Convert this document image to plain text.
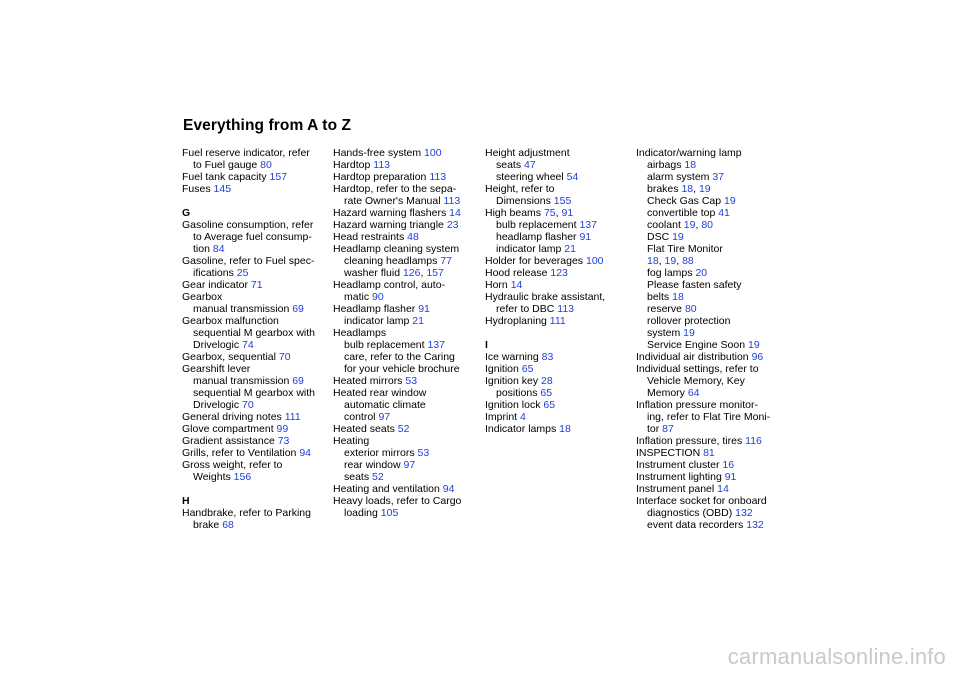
Everything from A to Z
Fuel reserve indicator, refer
to Fuel gauge 80
Fuel tank capacity 157
Fuses 145
G
Gasoline consumption, refer
to Average fuel consump-
tion 84
Gasoline, refer to Fuel spec-
ifications 25
Gear indicator 71
Gearbox
manual transmission 69
Gearbox malfunction
sequential M gearbox with
Drivelogic 74
Gearbox, sequential 70
Gearshift lever
manual transmission 69
sequential M gearbox with
Drivelogic 70
General driving notes 111
Glove compartment 99
Gradient assistance 73
Grills, refer to Ventilation 94
Gross weight, refer to
Weights 156
H
Handbrake, refer to Parking
brake 68
Hands-free system 100
Hardtop 113
Hardtop preparation 113
Hardtop, refer to the sepa-
rate Owner's Manual 113
Hazard warning flashers 14
Hazard warning triangle 23
Head restraints 48
Headlamp cleaning system
cleaning headlamps 77
washer fluid 126, 157
Headlamp control, auto-
matic 90
Headlamp flasher 91
indicator lamp 21
Headlamps
bulb replacement 137
care, refer to the Caring
for your vehicle brochure
Heated mirrors 53
Heated rear window
automatic climate
control 97
Heated seats 52
Heating
exterior mirrors 53
rear window 97
seats 52
Heating and ventilation 94
Heavy loads, refer to Cargo
loading 105
Height adjustment
seats 47
steering wheel 54
Height, refer to
Dimensions 155
High beams 75, 91
bulb replacement 137
headlamp flasher 91
indicator lamp 21
Holder for beverages 100
Hood release 123
Horn 14
Hydraulic brake assistant,
refer to DBC 113
Hydroplaning 111
I
Ice warning 83
Ignition 65
Ignition key 28
positions 65
Ignition lock 65
Imprint 4
Indicator lamps 18
Indicator/warning lamp
airbags 18
alarm system 37
brakes 18, 19
Check Gas Cap 19
convertible top 41
coolant 19, 80
DSC 19
Flat Tire Monitor
18, 19, 88
fog lamps 20
Please fasten safety
belts 18
reserve 80
rollover protection
system 19
Service Engine Soon 19
Individual air distribution 96
Individual settings, refer to
Vehicle Memory, Key
Memory 64
Inflation pressure monitor-
ing, refer to Flat Tire Moni-
tor 87
Inflation pressure, tires 116
INSPECTION 81
Instrument cluster 16
Instrument lighting 91
Instrument panel 14
Interface socket for onboard
diagnostics (OBD) 132
event data recorders 132
carmanualsonline.info
